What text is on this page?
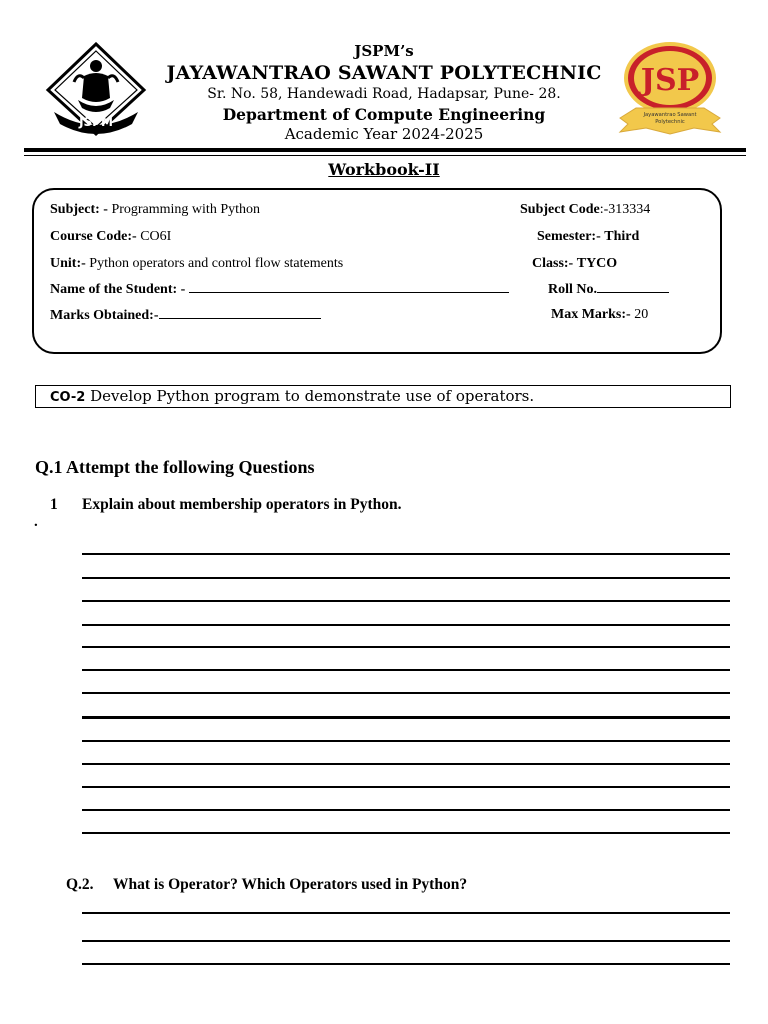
JSPM
JSP
Jayawantrao Sawant
Polytechnic
JSPM’s
JAYAWANTRAO SAWANT POLYTECHNIC
Sr. No. 58, Handewadi Road, Hadapsar, Pune- 28.
Department of Compute Engineering
Academic Year 2024-2025
Workbook-II
Subject: - Programming with Python	Subject Code:-313334
Course Code:- CO6I	Semester:- Third
Unit:- Python operators and control flow statements	Class:- TYCO
Name of the Student: -	Roll No.
Marks Obtained:-	Max Marks:- 20
CO-2 Develop Python program to demonstrate use of operators.
Q.1 Attempt the following Questions
1 Explain about membership operators in Python.
.
Q.2. What is Operator? Which Operators used in Python?
